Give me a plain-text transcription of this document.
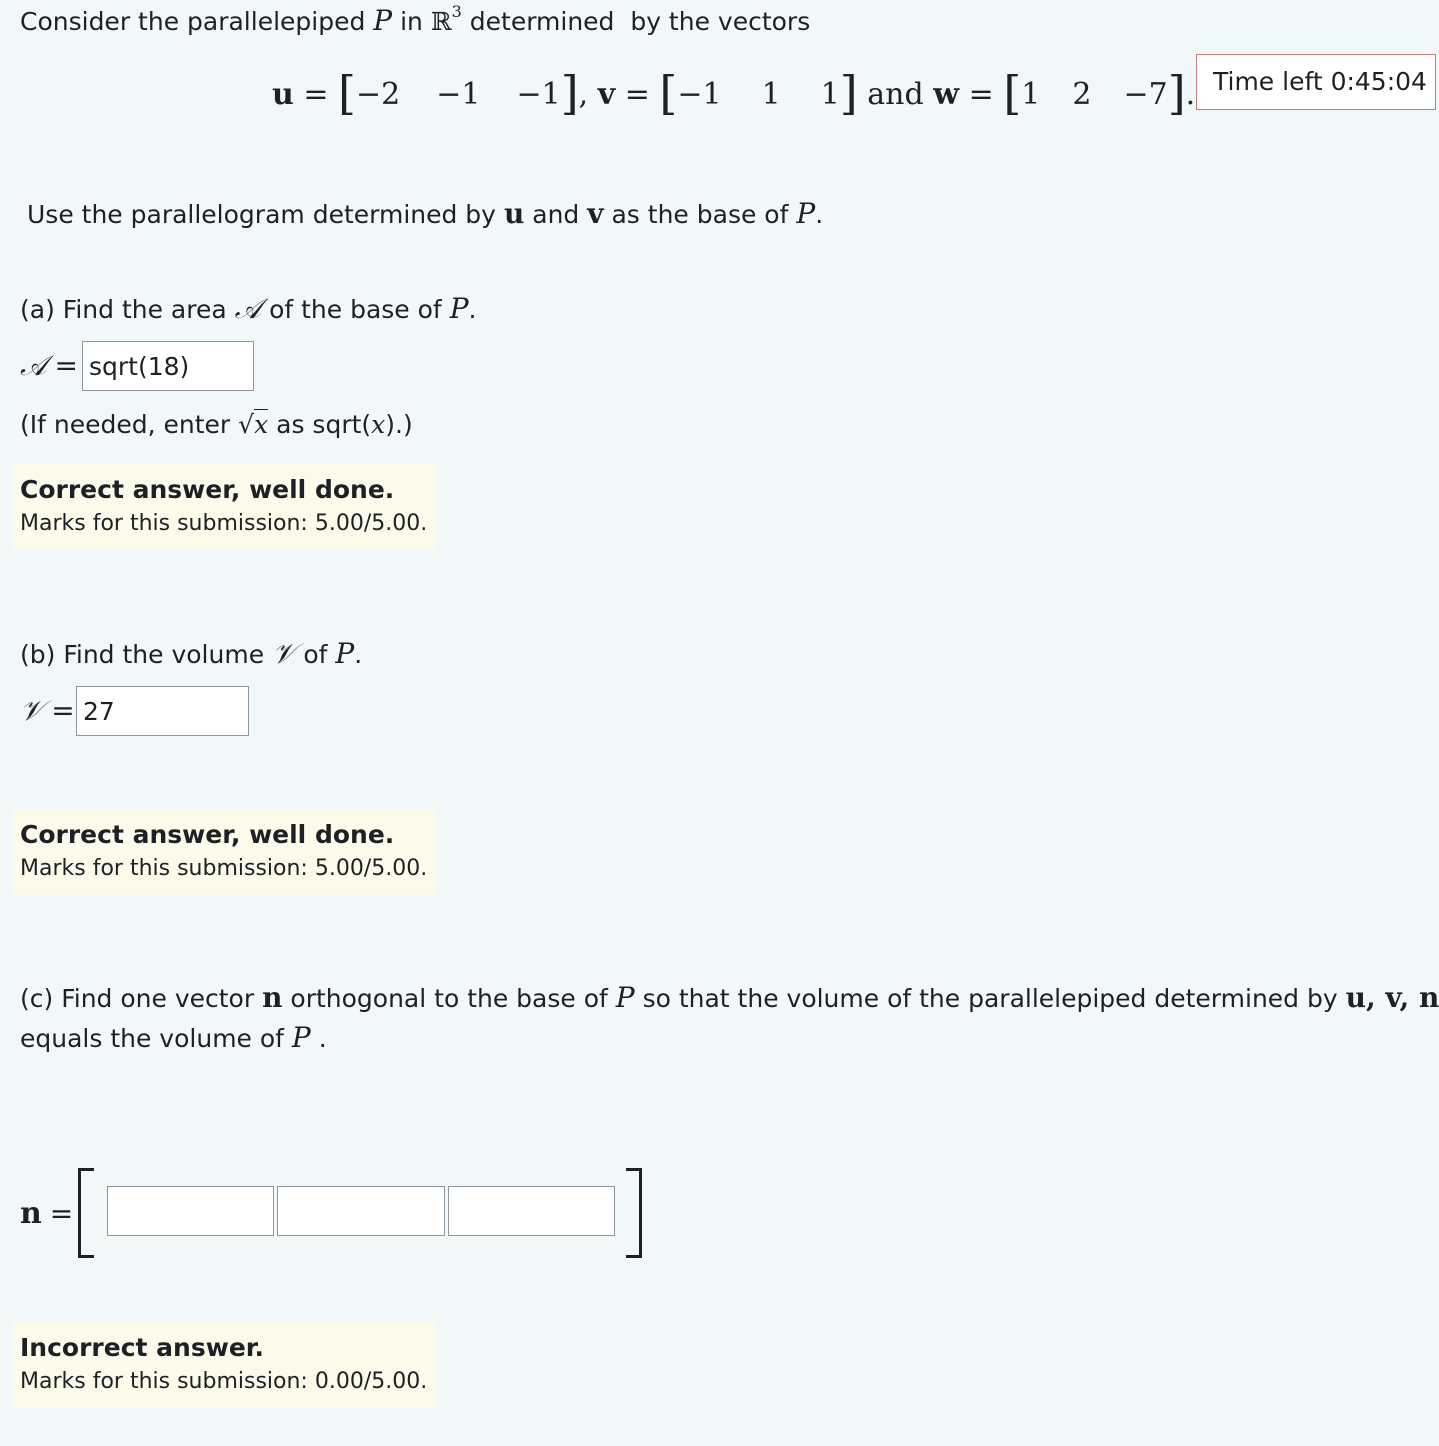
Consider the parallelepiped P in ℝ$^3$ determined  by the vectors
u = [−2 −1 −1], v = [−1 1 1] and w = [1 2 −7]. Time left 0:45:04
Use the parallelogram determined by u and v as the base of P.
(a) Find the area 𝒜 of the base of P.
𝒜 =
sqrt(18)
(If needed, enter √x as sqrt(x).)
Correct answer, well done.
Marks for this submission: 5.00/5.00.
(b) Find the volume 𝒱 of P.
𝒱 =
27
Correct answer, well done.
Marks for this submission: 5.00/5.00.
(c) Find one vector n orthogonal to the base of P so that the volume of the parallelepiped determined by u, v, n
equals the volume of P .
n =
Incorrect answer.
Marks for this submission: 0.00/5.00.
